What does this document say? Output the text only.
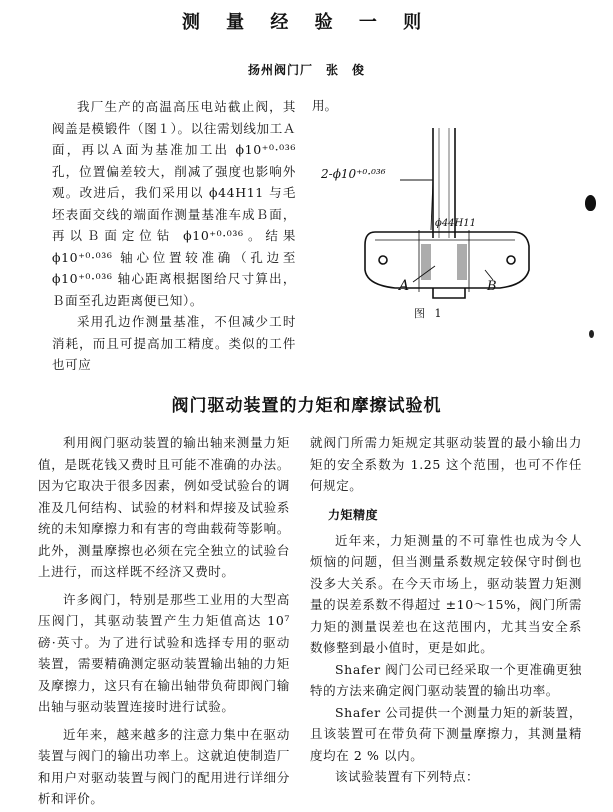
测 量 经 验 一 则
扬州阀门厂　张　俊

我厂生产的高温高压电站截止阀，其阀盖是模锻件（图１）。以往需划线加工Ａ面，再以Ａ面为基准加工出 ϕ10⁺⁰·⁰³⁶ 孔，位置偏差较大，削减了强度也影响外观。改进后，我们采用以 ϕ44H11 与毛坯表面交线的端面作测量基准车成Ｂ面，再以Ｂ面定位钻 ϕ10⁺⁰·⁰³⁶。结果 ϕ10⁺⁰·⁰³⁶ 轴心位置较准确（孔边至 ϕ10⁺⁰·⁰³⁶ 轴心距离根据图给尺寸算出，Ｂ面至孔边距离便已知）。

采用孔边作测量基准，不但减少工时消耗，而且可提高加工精度。类似的工件也可应

用。
2-ϕ10⁺⁰·⁰³⁶
ϕ44H11
A	B
图 1
阀门驱动装置的力矩和摩擦试验机

利用阀门驱动装置的输出轴来测量力矩值，是既花钱又费时且可能不准确的办法。因为它取决于很多因素，例如受试验台的调准及几何结构、试验的材料和焊接及试验系统的未知摩擦力和有害的弯曲载荷等影响。此外，测量摩擦也必须在完全独立的试验台上进行，而这样既不经济又费时。

许多阀门，特别是那些工业用的大型高压阀门，其驱动装置产生力矩值高达 10⁷ 磅·英寸。为了进行试验和选择专用的驱动装置，需要精确测定驱动装置输出轴的力矩及摩擦力，这只有在输出轴带负荷即阀门输出轴与驱动装置连接时进行试验。

近年来，越来越多的注意力集中在驱动装置与阀门的输出功率上。这就迫使制造厂和用户对驱动装置与阀门的配用进行详细分析和评价。

就阀门所需力矩规定其驱动装置的最小输出力矩的安全系数为 1.25 这个范围，也可不作任何规定。

力矩精度

近年来，力矩测量的不可靠性也成为令人烦恼的问题，但当测量系数规定较保守时倒也没多大关系。在今天市场上，驱动装置力矩测量的误差系数不得超过 ±10～15%，阀门所需力矩的测量误差也在这范围内，尤其当安全系数修整到最小值时，更是如此。

Shafer 阀门公司已经采取一个更准确更独特的方法来确定阀门驱动装置的输出功率。

Shafer 公司提供一个测量力矩的新装置，且该装置可在带负荷下测量摩擦力，其测量精度均在 2 % 以内。

该试验装置有下列特点：
